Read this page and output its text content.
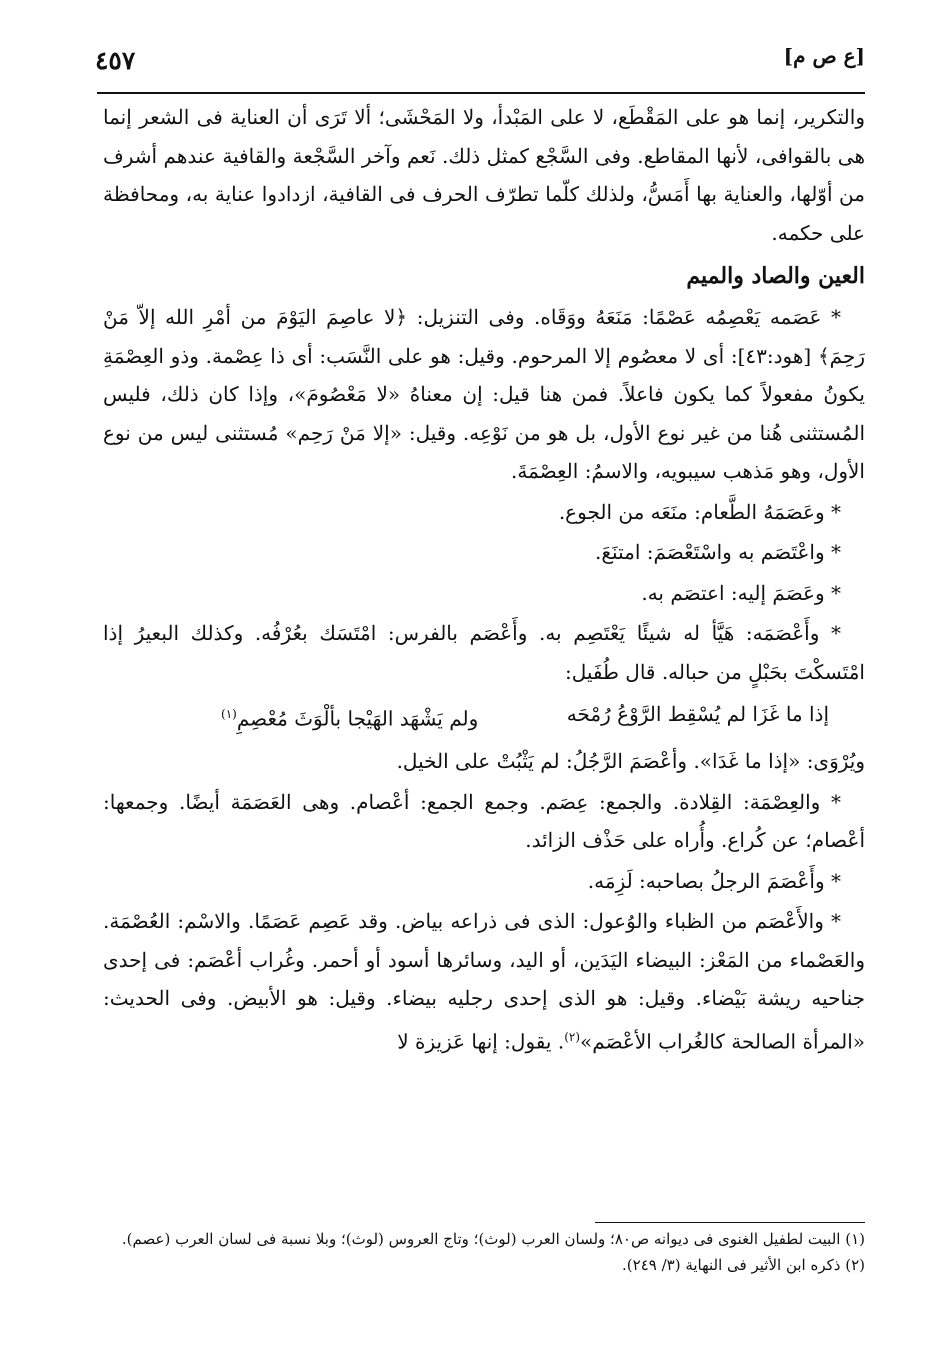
٤٥٧	[ع ص م]

والتكرير، إنما هو على المَقْطَع، لا على المَبْدأ، ولا المَحْشَى؛ ألا تَرَى أن العناية فى الشعر إنما هى بالقوافى، لأنها المقاطع. وفى السَّجْع كمثل ذلك. نَعم وآخر السَّجْعة والقافية عندهم أشرف من أوّلها، والعناية بها أَمَسُّ، ولذلك كلّما تطرّف الحرف فى القافية، ازدادوا عناية به، ومحافظة على حكمه.

العين والصاد والميم

* عَصَمه يَعْصِمُه عَصْمًا: مَنَعَهُ ووَقَاه. وفى التنزيل: ﴿لا عاصِمَ اليَوْمَ من أمْرِ الله إلاّ مَنْ رَحِمَ﴾ [هود:٤٣]: أى لا معصُوم إلا المرحوم. وقيل: هو على النَّسَب: أى ذا عِصْمة. وذو العِصْمَةِ يكونُ مفعولاً كما يكون فاعلاً. فمن هنا قيل: إن معناهُ «لا مَعْصُومَ»، وإذا كان ذلك، فليس المُستثنى هُنا من غير نوع الأول، بل هو من نَوْعِه. وقيل: «إلا مَنْ رَحِم» مُستثنى ليس من نوع الأول، وهو مَذهب سيبويه، والاسمُ: العِصْمَةَ.

* وعَصَمَهُ الطَّعام: منَعَه من الجوع.

* واعْتَصَم به واسْتَعْصَمَ: امتنَعَ.

* وعَصَمَ إليه: اعتصَم به.

* وأَعْصَمَه: هَيَّأ له شيئًا يَعْتَصِم به. وأَعْصَم بالفرس: امْتَسَك بعُرْفُه. وكذلك البعيرُ إذا امْتَسكْتَ بحَبْلٍ من حباله. قال طُفَيل:

إذا ما غَزَا لم يُسْقِط الرَّوْعُ رُمْحَه
ولم يَشْهَد الهَيْجا بألْوَثَ مُعْصِمِ$^{(١)}$

ويُرْوَى: «إذا ما غَدَا». وأعْصَمَ الرَّجُلُ: لم يَثْبُتْ على الخيل.

* والعِصْمَة: القِلادة. والجمع: عِصَم. وجمع الجمع: أعْصام. وهى العَصَمَة أيضًا. وجمعها: أعْصام؛ عن كُراع. وأُراه على حَذْف الزائد.

* وأَعْصَمَ الرجلُ بصاحبه: لَزِمَه.

* والأَعْصَم من الظباء والوُعول: الذى فى ذراعه بياض. وقد عَصِم عَصَمًا. والاسْم: العُصْمَة. والعَصْماء من المَعْز: البيضاء اليَدَين، أو اليد، وسائرها أسود أو أحمر. وغُراب أعْصَم: فى إحدى جناحيه ريشة بَيْضاء. وقيل: هو الذى إحدى رجليه بيضاء. وقيل: هو الأبيض. وفى الحديث: «المرأة الصالحة كالغُراب الأعْصَم»$^{(٢)}$. يقول: إنها عَزيزة لا

(١) البيت لطفيل الغنوى فى ديوانه ص٨٠؛ ولسان العرب (لوث)؛ وتاج العروس (لوث)؛ وبلا نسبة فى لسان العرب (عصم).

(٢) ذكره ابن الأثير فى النهاية (٣/ ٢٤٩).
